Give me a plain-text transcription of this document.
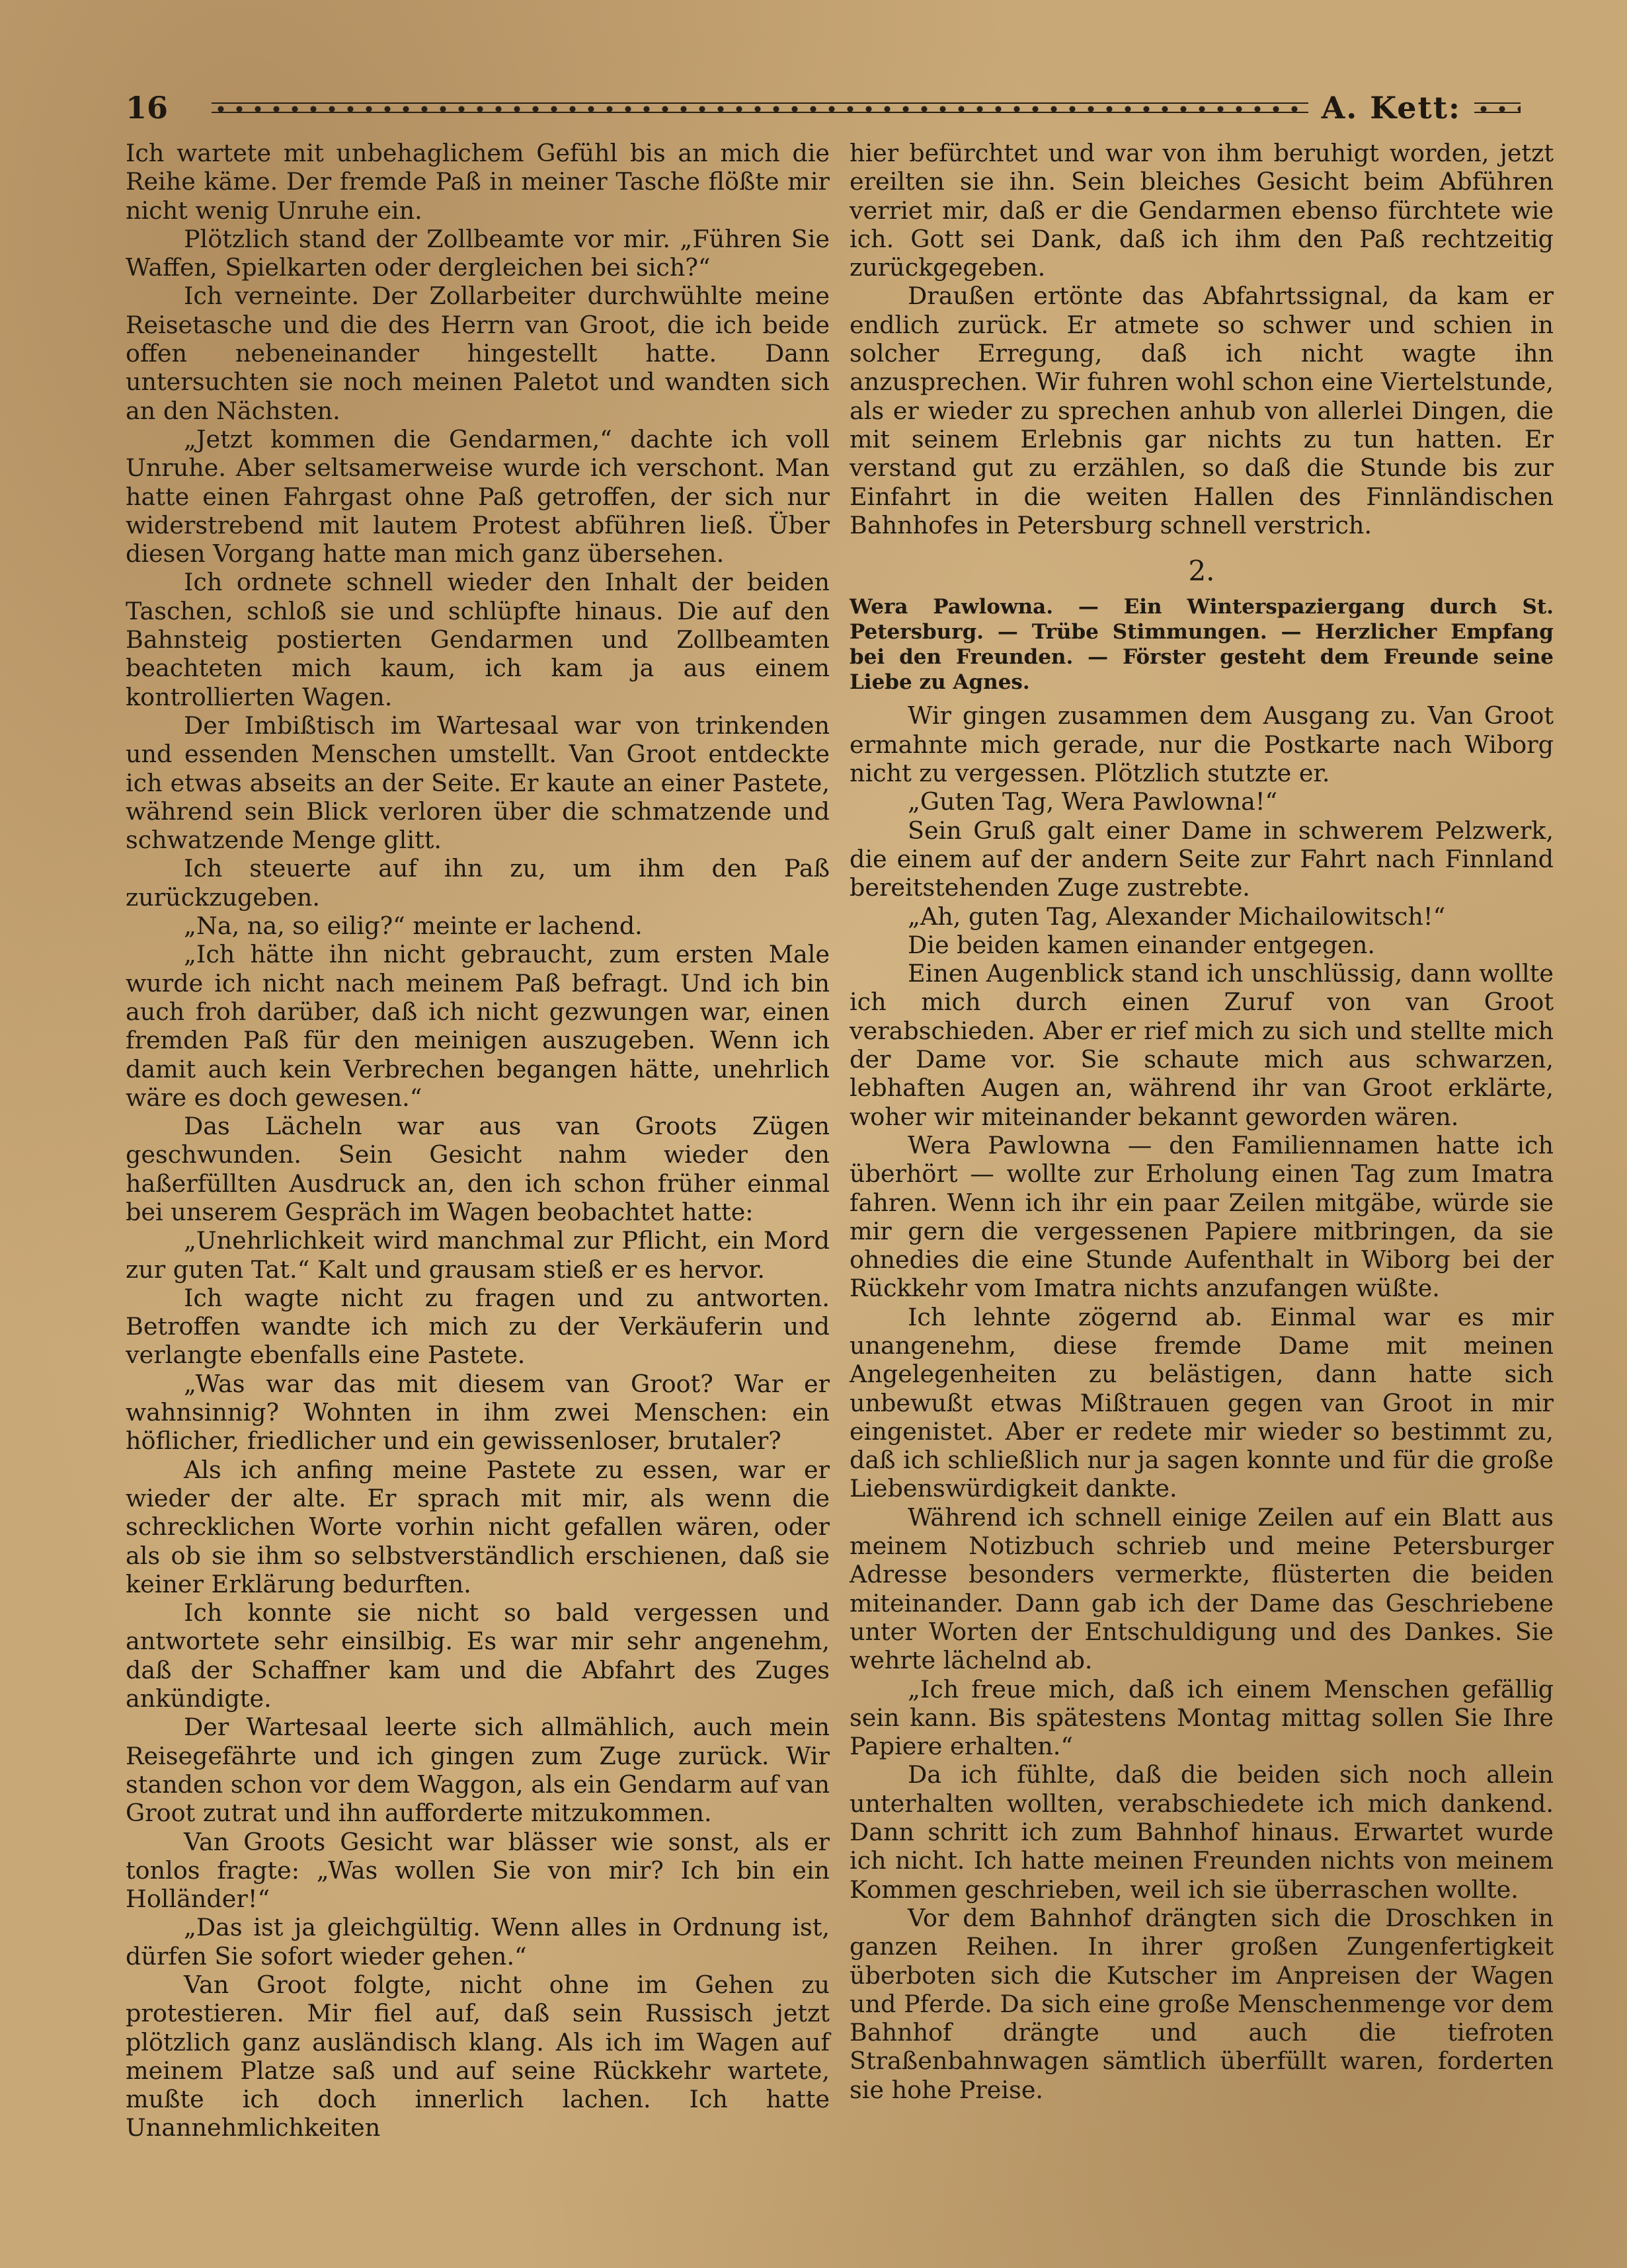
16	A. Kett:

Ich wartete mit unbehaglichem Gefühl bis an mich die Reihe käme. Der fremde Paß in meiner Tasche flößte mir nicht wenig Unruhe ein.

Plötzlich stand der Zollbeamte vor mir. „Führen Sie Waffen, Spielkarten oder dergleichen bei sich?“

Ich verneinte. Der Zollarbeiter durchwühlte meine Reisetasche und die des Herrn van Groot, die ich beide offen nebeneinander hingestellt hatte. Dann untersuchten sie noch meinen Paletot und wandten sich an den Nächsten.

„Jetzt kommen die Gendarmen,“ dachte ich voll Unruhe. Aber seltsamerweise wurde ich verschont. Man hatte einen Fahrgast ohne Paß getroffen, der sich nur widerstrebend mit lautem Protest abführen ließ. Über diesen Vorgang hatte man mich ganz übersehen.

Ich ordnete schnell wieder den Inhalt der beiden Taschen, schloß sie und schlüpfte hinaus. Die auf den Bahnsteig postierten Gendarmen und Zollbeamten beachteten mich kaum, ich kam ja aus einem kontrollierten Wagen.

Der Imbißtisch im Wartesaal war von trinkenden und essenden Menschen umstellt. Van Groot entdeckte ich etwas abseits an der Seite. Er kaute an einer Pastete, während sein Blick verloren über die schmatzende und schwatzende Menge glitt.

Ich steuerte auf ihn zu, um ihm den Paß zurückzugeben.

„Na, na, so eilig?“ meinte er lachend.

„Ich hätte ihn nicht gebraucht, zum ersten Male wurde ich nicht nach meinem Paß befragt. Und ich bin auch froh darüber, daß ich nicht gezwungen war, einen fremden Paß für den meinigen auszugeben. Wenn ich damit auch kein Verbrechen begangen hätte, unehrlich wäre es doch gewesen.“

Das Lächeln war aus van Groots Zügen geschwunden. Sein Gesicht nahm wieder den haßerfüllten Ausdruck an, den ich schon früher einmal bei unserem Gespräch im Wagen beobachtet hatte:

„Unehrlichkeit wird manchmal zur Pflicht, ein Mord zur guten Tat.“ Kalt und grausam stieß er es hervor.

Ich wagte nicht zu fragen und zu antworten. Betroffen wandte ich mich zu der Verkäuferin und verlangte ebenfalls eine Pastete.

„Was war das mit diesem van Groot? War er wahnsinnig? Wohnten in ihm zwei Menschen: ein höflicher, friedlicher und ein gewissenloser, brutaler?

Als ich anfing meine Pastete zu essen, war er wieder der alte. Er sprach mit mir, als wenn die schrecklichen Worte vorhin nicht gefallen wären, oder als ob sie ihm so selbstverständlich erschienen, daß sie keiner Erklärung bedurften.

Ich konnte sie nicht so bald vergessen und antwortete sehr einsilbig. Es war mir sehr angenehm, daß der Schaffner kam und die Abfahrt des Zuges ankündigte.

Der Wartesaal leerte sich allmählich, auch mein Reisegefährte und ich gingen zum Zuge zurück. Wir standen schon vor dem Waggon, als ein Gendarm auf van Groot zutrat und ihn aufforderte mitzukommen.

Van Groots Gesicht war blässer wie sonst, als er tonlos fragte: „Was wollen Sie von mir? Ich bin ein Holländer!“

„Das ist ja gleichgültig. Wenn alles in Ordnung ist, dürfen Sie sofort wieder gehen.“

Van Groot folgte, nicht ohne im Gehen zu protestieren. Mir fiel auf, daß sein Russisch jetzt plötzlich ganz ausländisch klang. Als ich im Wagen auf meinem Platze saß und auf seine Rückkehr wartete, mußte ich doch innerlich lachen. Ich hatte Unannehmlichkeiten

hier befürchtet und war von ihm beruhigt worden, jetzt ereilten sie ihn. Sein bleiches Gesicht beim Abführen verriet mir, daß er die Gendarmen ebenso fürchtete wie ich. Gott sei Dank, daß ich ihm den Paß rechtzeitig zurückgegeben.

Draußen ertönte das Abfahrtssignal, da kam er endlich zurück. Er atmete so schwer und schien in solcher Erregung, daß ich nicht wagte ihn anzusprechen. Wir fuhren wohl schon eine Viertelstunde, als er wieder zu sprechen anhub von allerlei Dingen, die mit seinem Erlebnis gar nichts zu tun hatten. Er verstand gut zu erzählen, so daß die Stunde bis zur Einfahrt in die weiten Hallen des Finnländischen Bahnhofes in Petersburg schnell verstrich.

2.
Wera Pawlowna. — Ein Winterspaziergang durch St. Petersburg. — Trübe Stimmungen. — Herzlicher Empfang bei den Freunden. — Förster gesteht dem Freunde seine Liebe zu Agnes.

Wir gingen zusammen dem Ausgang zu. Van Groot ermahnte mich gerade, nur die Postkarte nach Wiborg nicht zu vergessen. Plötzlich stutzte er.

„Guten Tag, Wera Pawlowna!“

Sein Gruß galt einer Dame in schwerem Pelzwerk, die einem auf der andern Seite zur Fahrt nach Finnland bereitstehenden Zuge zustrebte.

„Ah, guten Tag, Alexander Michailowitsch!“

Die beiden kamen einander entgegen.

Einen Augenblick stand ich unschlüssig, dann wollte ich mich durch einen Zuruf von van Groot verabschieden. Aber er rief mich zu sich und stellte mich der Dame vor. Sie schaute mich aus schwarzen, lebhaften Augen an, während ihr van Groot erklärte, woher wir miteinander bekannt geworden wären.

Wera Pawlowna — den Familiennamen hatte ich überhört — wollte zur Erholung einen Tag zum Imatra fahren. Wenn ich ihr ein paar Zeilen mitgäbe, würde sie mir gern die vergessenen Papiere mitbringen, da sie ohnedies die eine Stunde Aufenthalt in Wiborg bei der Rückkehr vom Imatra nichts anzufangen wüßte.

Ich lehnte zögernd ab. Einmal war es mir unangenehm, diese fremde Dame mit meinen Angelegenheiten zu belästigen, dann hatte sich unbewußt etwas Mißtrauen gegen van Groot in mir eingenistet. Aber er redete mir wieder so bestimmt zu, daß ich schließlich nur ja sagen konnte und für die große Liebenswürdigkeit dankte.

Während ich schnell einige Zeilen auf ein Blatt aus meinem Notizbuch schrieb und meine Petersburger Adresse besonders vermerkte, flüsterten die beiden miteinander. Dann gab ich der Dame das Geschriebene unter Worten der Entschuldigung und des Dankes. Sie wehrte lächelnd ab.

„Ich freue mich, daß ich einem Menschen gefällig sein kann. Bis spätestens Montag mittag sollen Sie Ihre Papiere erhalten.“

Da ich fühlte, daß die beiden sich noch allein unterhalten wollten, verabschiedete ich mich dankend. Dann schritt ich zum Bahnhof hinaus. Erwartet wurde ich nicht. Ich hatte meinen Freunden nichts von meinem Kommen geschrieben, weil ich sie überraschen wollte.

Vor dem Bahnhof drängten sich die Droschken in ganzen Reihen. In ihrer großen Zungenfertigkeit überboten sich die Kutscher im Anpreisen der Wagen und Pferde. Da sich eine große Menschenmenge vor dem Bahnhof drängte und auch die tiefroten Straßenbahnwagen sämtlich überfüllt waren, forderten sie hohe Preise.
